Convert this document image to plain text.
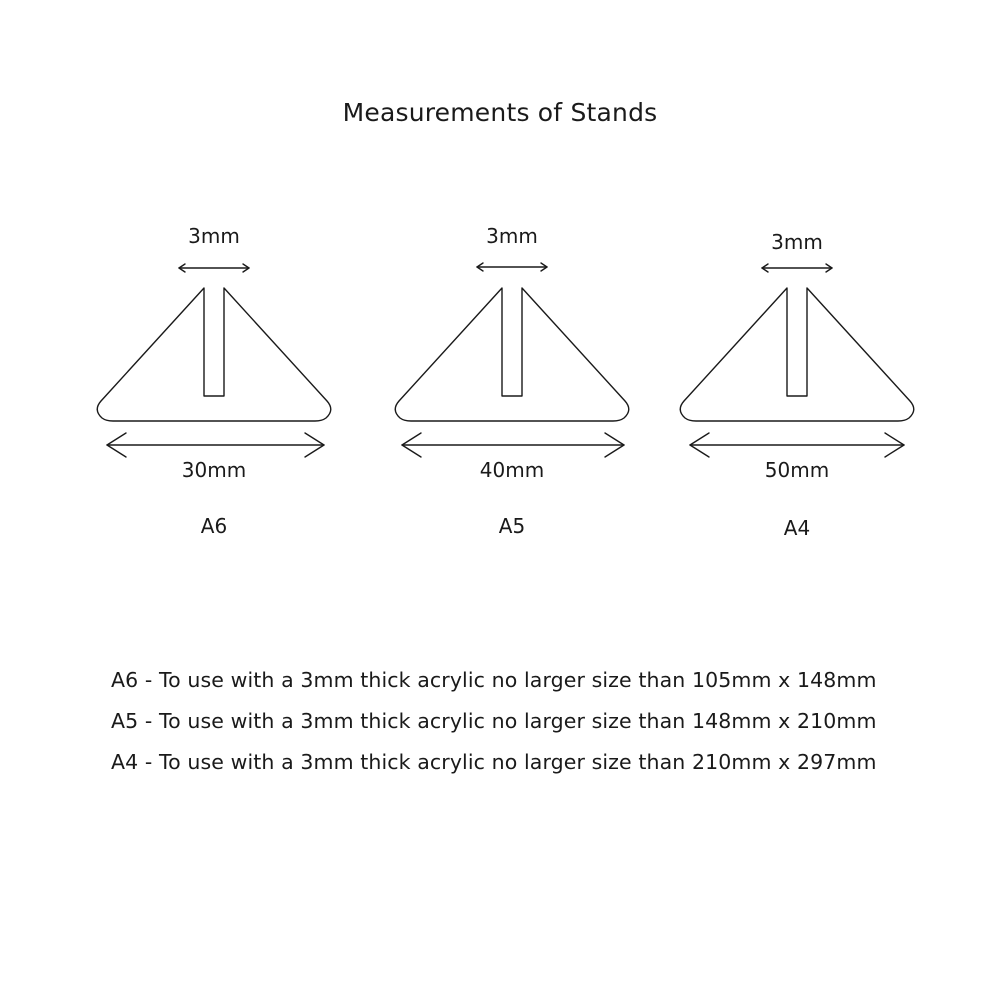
Measurements of Stands
3mm
30mm
A6
3mm
40mm
A5
3mm
50mm
A4
A6 - To use with a 3mm thick acrylic no larger size than 105mm x 148mm
A5 - To use with a 3mm thick acrylic no larger size than 148mm x 210mm
A4 - To use with a 3mm thick acrylic no larger size than 210mm x 297mm
